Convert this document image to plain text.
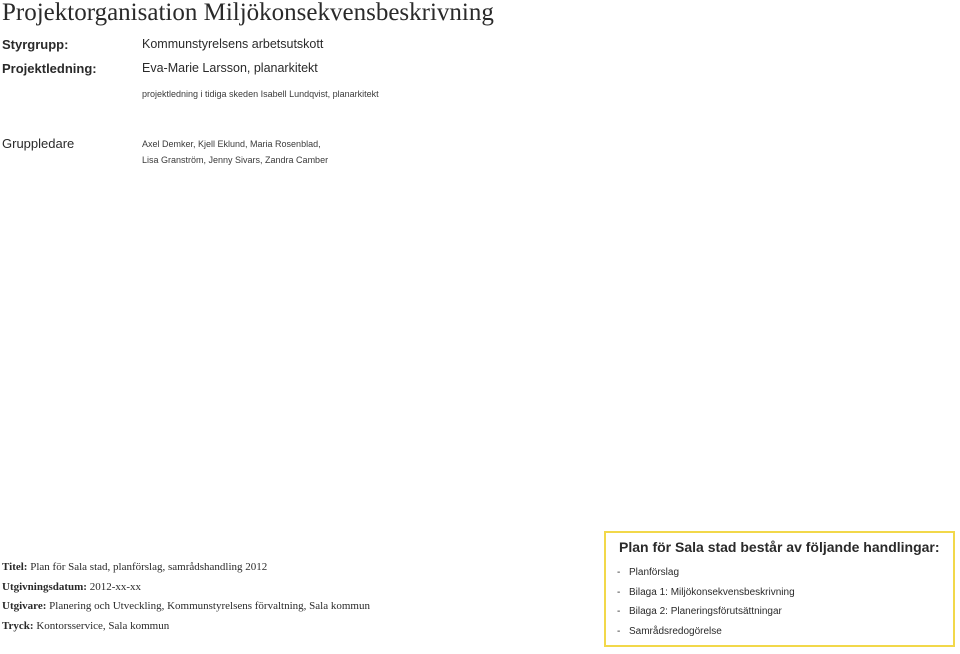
Projektorganisation Miljökonsekvensbeskrivning
Styrgrupp:	Kommunstyrelsens arbetsutskott
Projektledning:	Eva-Marie Larsson, planarkitekt
projektledning i tidiga skeden Isabell Lundqvist, planarkitekt
Gruppledare	Axel Demker, Kjell Eklund, Maria Rosenblad,
Lisa Granström, Jenny Sivars, Zandra Camber
Titel: Plan för Sala stad, planförslag, samrådshandling 2012
Utgivningsdatum: 2012-xx-xx
Utgivare: Planering och Utveckling, Kommunstyrelsens förvaltning, Sala kommun
Tryck: Kontorsservice, Sala kommun
Plan för Sala stad består av följande handlingar:
- Planförslag
- Bilaga 1: Miljökonsekvensbeskrivning
- Bilaga 2: Planeringsförutsättningar
- Samrådsredogörelse
